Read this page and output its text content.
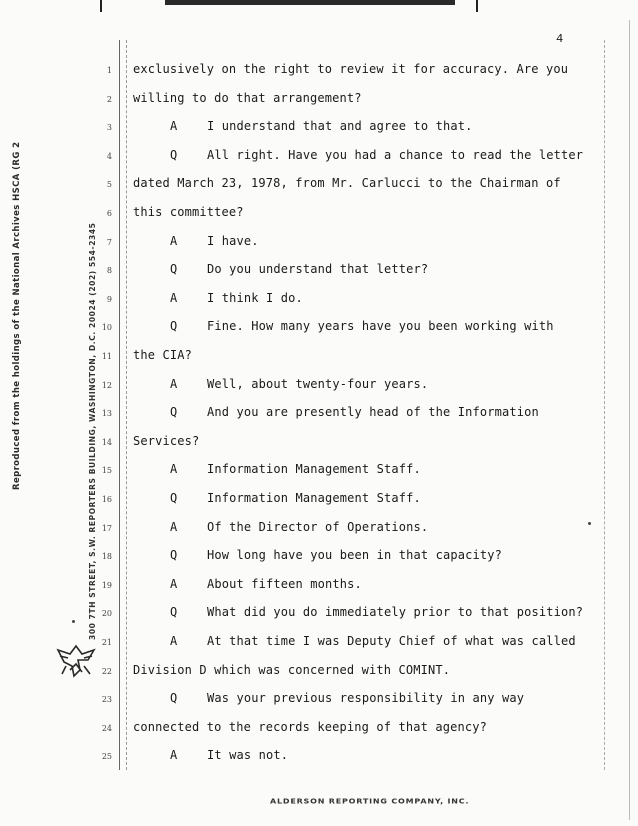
4
Reproduced from the holdings of the National Archives HSCA (RG 2	300 7TH STREET, S.W. REPORTERS BUILDING, WASHINGTON, D.C. 20024 (202) 554-2345
1 exclusively on the right to review it for accuracy. Are you
2 willing to do that arrangement?
3	A I understand that and agree to that.
4	Q All right. Have you had a chance to read the letter
5 dated March 23, 1978, from Mr. Carlucci to the Chairman of
6 this committee?
7	A I have.
8	Q Do you understand that letter?
9	A I think I do.
10	Q Fine. How many years have you been working with
11 the CIA?
12	A Well, about twenty-four years.
13	Q And you are presently head of the Information
14 Services?
15	A Information Management Staff.
16	Q Information Management Staff.
17	A Of the Director of Operations.
18	Q How long have you been in that capacity?
19	A About fifteen months.
20	Q What did you do immediately prior to that position?
21	A At that time I was Deputy Chief of what was called
22 Division D which was concerned with COMINT.
23	Q Was your previous responsibility in any way
24 connected to the records keeping of that agency?
25	A It was not.
ALDERSON REPORTING COMPANY, INC.
